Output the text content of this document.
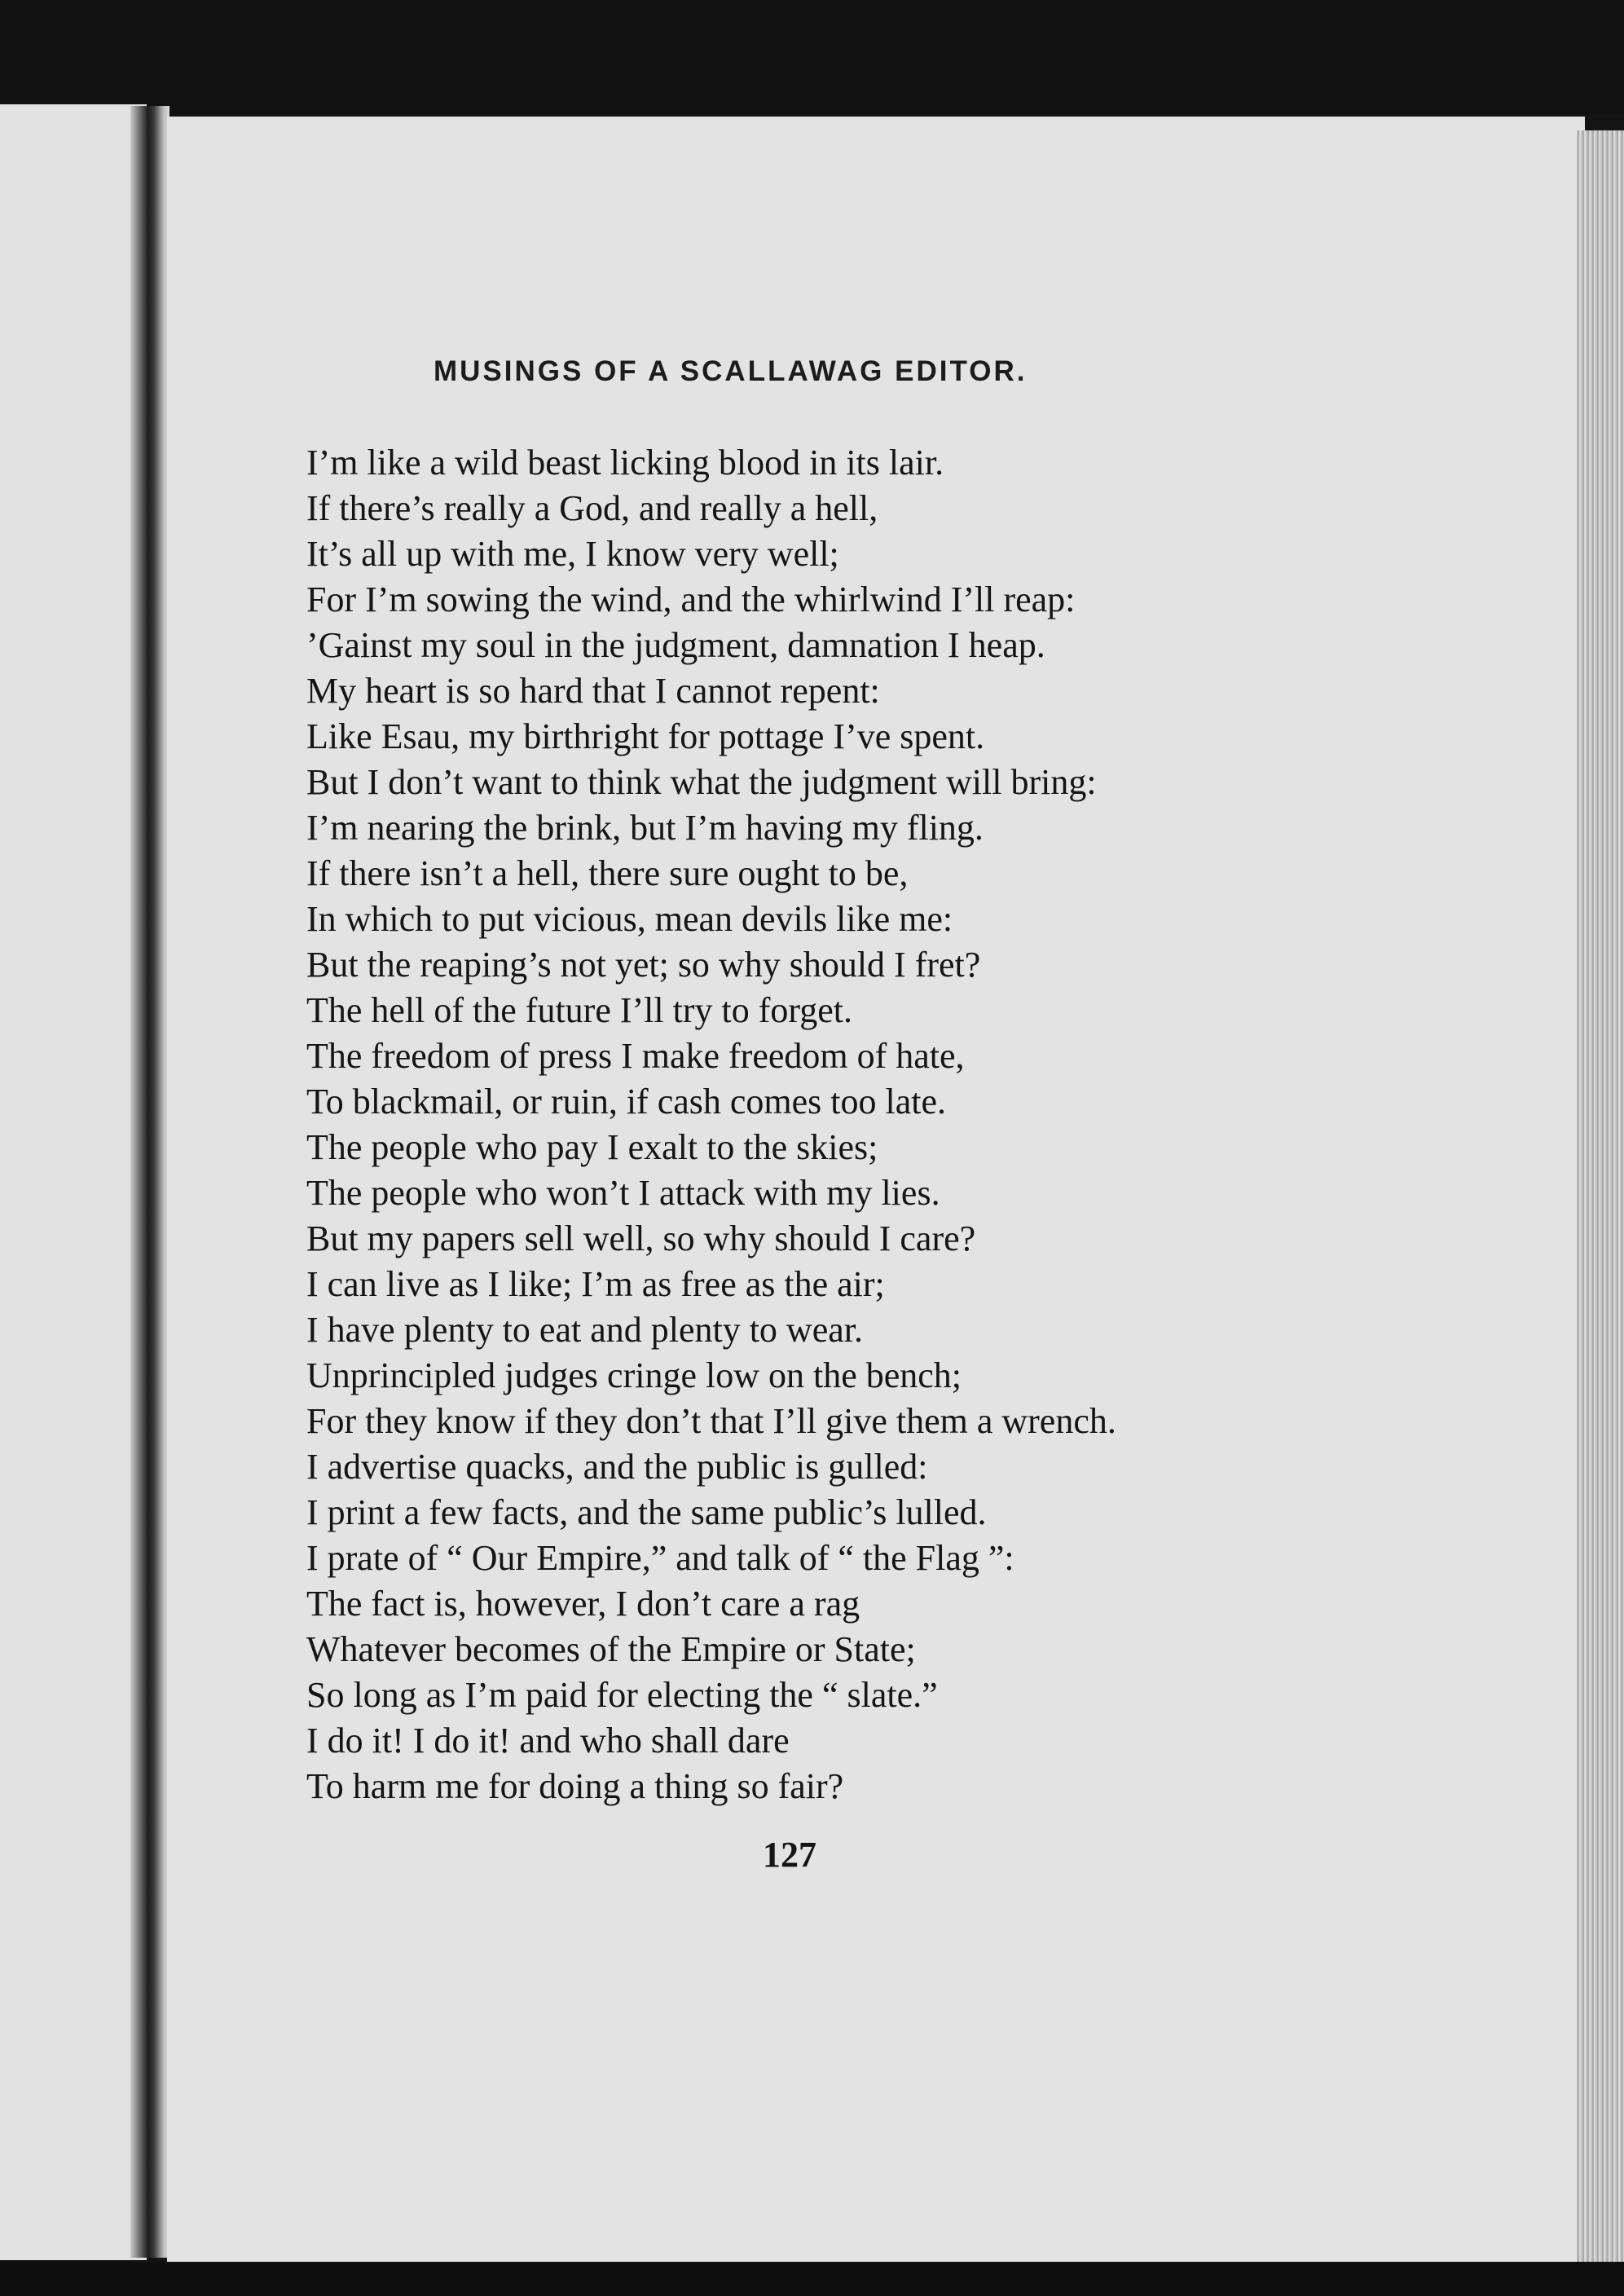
MUSINGS OF A SCALLAWAG EDITOR.
I’m like a wild beast licking blood in its lair.
If there’s really a God, and really a hell,
It’s all up with me, I know very well;
For I’m sowing the wind, and the whirlwind I’ll reap:
’Gainst my soul in the judgment, damnation I heap.
My heart is so hard that I cannot repent:
Like Esau, my birthright for pottage I’ve spent.
But I don’t want to think what the judgment will bring:
I’m nearing the brink, but I’m having my fling.
If there isn’t a hell, there sure ought to be,
In which to put vicious, mean devils like me:
But the reaping’s not yet; so why should I fret?
The hell of the future I’ll try to forget.
The freedom of press I make freedom of hate,
To blackmail, or ruin, if cash comes too late.
The people who pay I exalt to the skies;
The people who won’t I attack with my lies.
But my papers sell well, so why should I care?
I can live as I like; I’m as free as the air;
I have plenty to eat and plenty to wear.
Unprincipled judges cringe low on the bench;
For they know if they don’t that I’ll give them a wrench.
I advertise quacks, and the public is gulled:
I print a few facts, and the same public’s lulled.
I prate of “ Our Empire,” and talk of “ the Flag ”:
The fact is, however, I don’t care a rag
Whatever becomes of the Empire or State;
So long as I’m paid for electing the “ slate.”
I do it! I do it! and who shall dare
To harm me for doing a thing so fair?
127
